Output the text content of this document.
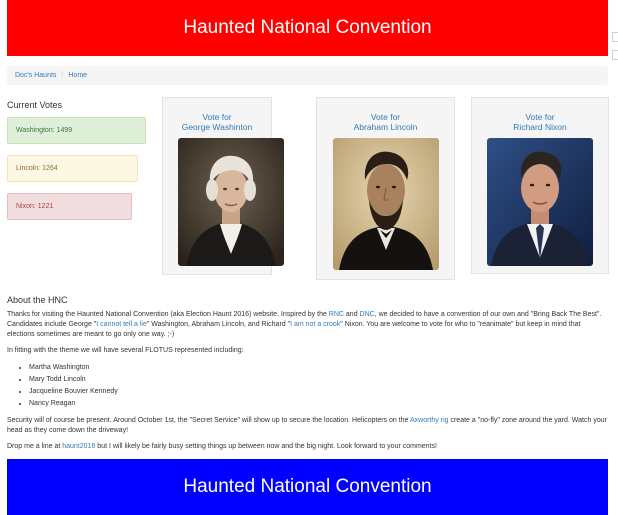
Haunted National Convention
Doc's Haunts / Home
Current Votes
Washington: 1499
Lincoln: 1264
Nixon: 1221
Vote for
George Washinton
Vote for
Abraham Lincoln
Vote for
Richard Nixon
About the HNC

Thanks for visiting the Haunted National Convention (aka Election Haunt 2016) website. Inspired by the RNC and DNC, we decided to have a convention of our own and "Bring Back The Best". Candidates include George "I cannot tell a lie" Washington, Abraham Lincoln, and Richard "I am not a crook" Nixon. You are welcome to vote for who to "reanimate" but keep in mind that elections sometimes are meant to go only one way. ;-)

In fitting with the theme we will have several FLOTUS represented including:

• Martha Washington
• Mary Todd Lincoln
• Jacqueline Bouvier Kennedy
• Nancy Reagan

Security will of course be present. Around October 1st, the "Secret Service" will show up to secure the location. Helicopters on the Axworthy rig create a "no-fly" zone around the yard. Watch your head as they come down the driveway!

Drop me a line at haunt2016 but I will likely be fairly busy setting things up between now and the big night. Look forward to your comments!

Haunted National Convention
